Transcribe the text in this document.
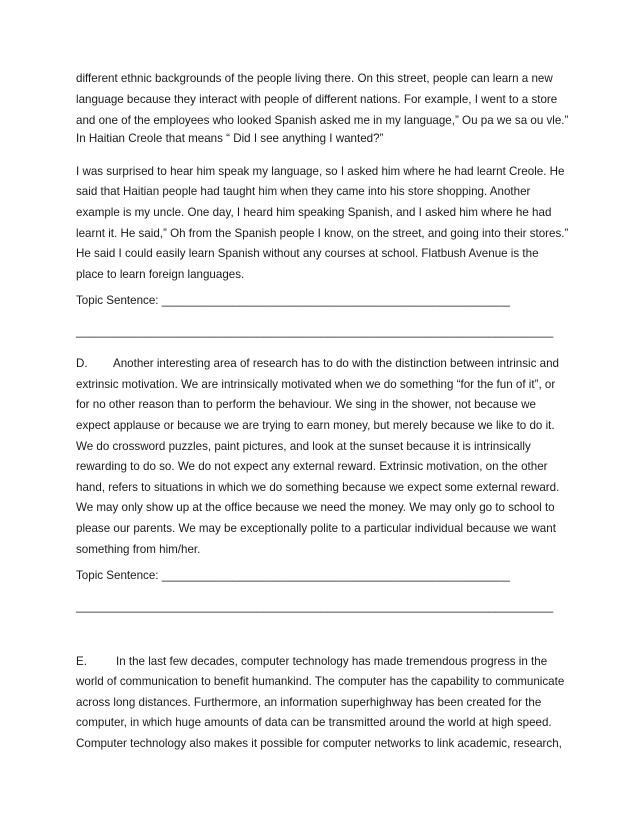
different ethnic backgrounds of the people living there. On this street, people can learn a new
language because they interact with people of different nations. For example, I went to a store
and one of the employees who looked Spanish asked me in my language,” Ou pa we sa ou vle.”
In Haitian Creole that means “ Did I see anything I wanted?”
I was surprised to hear him speak my language, so I asked him where he had learnt Creole. He
said that Haitian people had taught him when they came into his store shopping. Another
example is my uncle. One day, I heard him speaking Spanish, and I asked him where he had
learnt it. He said,” Oh from the Spanish people I know, on the street, and going into their stores.”
He said I could easily learn Spanish without any courses at school. Flatbush Avenue is the
place to learn foreign languages.
Topic Sentence: ______________________________________________________
__________________________________________________________________________
D. Another interesting area of research has to do with the distinction between intrinsic and
extrinsic motivation. We are intrinsically motivated when we do something “for the fun of it”, or
for no other reason than to perform the behaviour. We sing in the shower, not because we
expect applause or because we are trying to earn money, but merely because we like to do it.
We do crossword puzzles, paint pictures, and look at the sunset because it is intrinsically
rewarding to do so. We do not expect any external reward. Extrinsic motivation, on the other
hand, refers to situations in which we do something because we expect some external reward.
We may only show up at the office because we need the money. We may only go to school to
please our parents. We may be exceptionally polite to a particular individual because we want
something from him/her.
Topic Sentence: ______________________________________________________
__________________________________________________________________________
E.	In the last few decades, computer technology has made tremendous progress in the
world of communication to benefit humankind. The computer has the capability to communicate
across long distances. Furthermore, an information superhighway has been created for the
computer, in which huge amounts of data can be transmitted around the world at high speed.
Computer technology also makes it possible for computer networks to link academic, research,
